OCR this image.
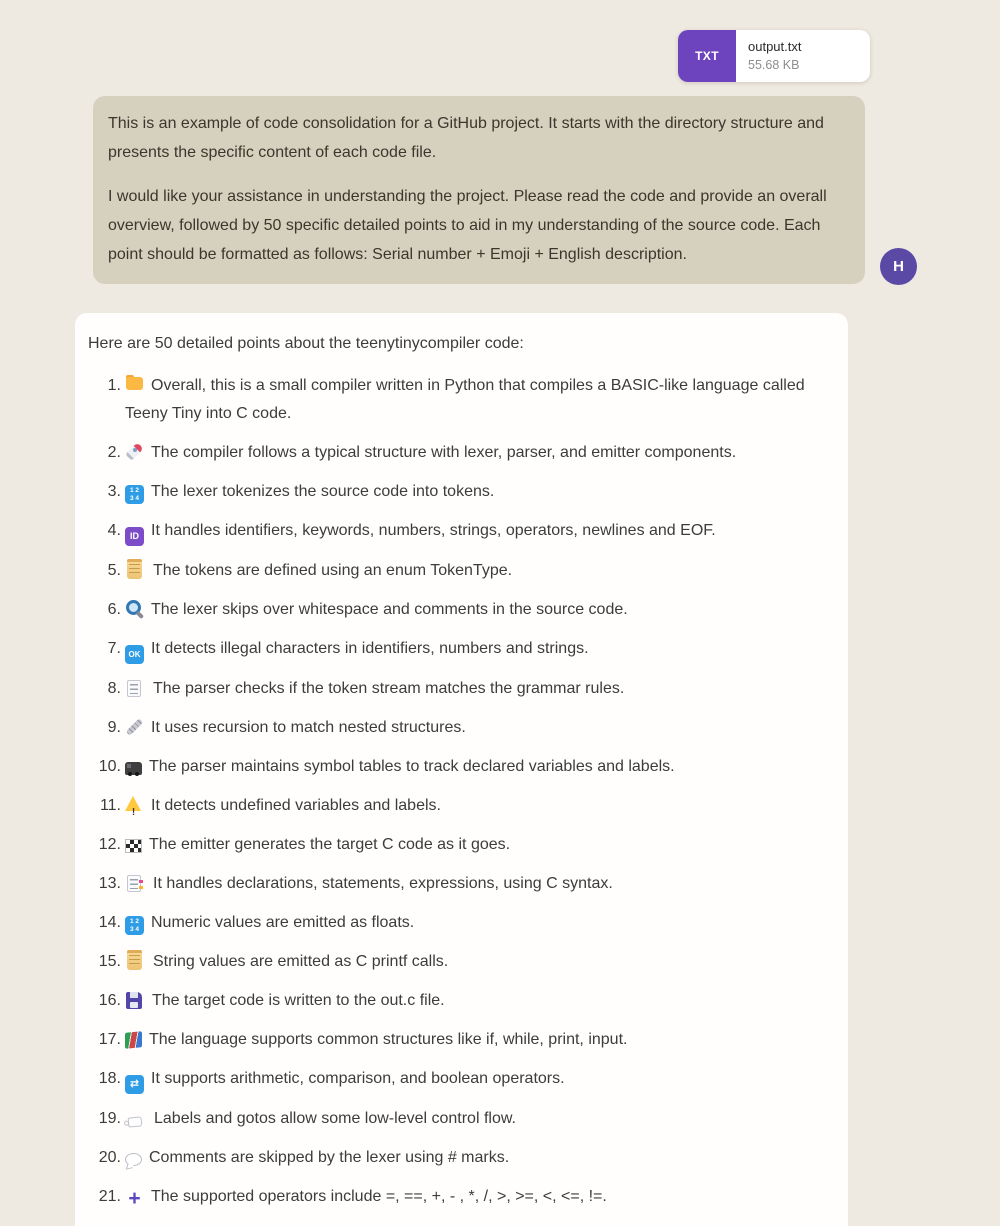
TXT
output.txt
55.68 KB

This is an example of code consolidation for a GitHub project. It starts with the directory structure and presents the specific content of each code file.

I would like your assistance in understanding the project. Please read the code and provide an overall overview, followed by 50 specific detailed points to aid in my understanding of the source code. Each point should be formatted as follows: Serial number + Emoji + English description.

H

Here are 50 detailed points about the teenytinycompiler code:

1.	Overall, this is a small compiler written in Python that compiles a BASIC-like language called Teeny Tiny into C code.
2.	The compiler follows a typical structure with lexer, parser, and emitter components.
3. 1 2 3 4	The lexer tokenizes the source code into tokens.
4. ID	It handles identifiers, keywords, numbers, strings, operators, newlines and EOF.
5.	The tokens are defined using an enum TokenType.
6.	The lexer skips over whitespace and comments in the source code.
7. OK	It detects illegal characters in identifiers, numbers and strings.
8.	The parser checks if the token stream matches the grammar rules.
9.	It uses recursion to match nested structures.
10.	The parser maintains symbol tables to track declared variables and labels.
11. !	It detects undefined variables and labels.
12.	The emitter generates the target C code as it goes.
13.	It handles declarations, statements, expressions, using C syntax.
14. 1 2 3 4	Numeric values are emitted as floats.
15.	String values are emitted as C printf calls.
16.	The target code is written to the out.c file.
17.	The language supports common structures like if, while, print, input.
18. ⇄	It supports arithmetic, comparison, and boolean operators.
19.	Labels and gotos allow some low-level control flow.
20.	Comments are skipped by the lexer using # marks.
21. +	The supported operators include =, ==, +, - , *, /, >, >=, <, <=, !=.
